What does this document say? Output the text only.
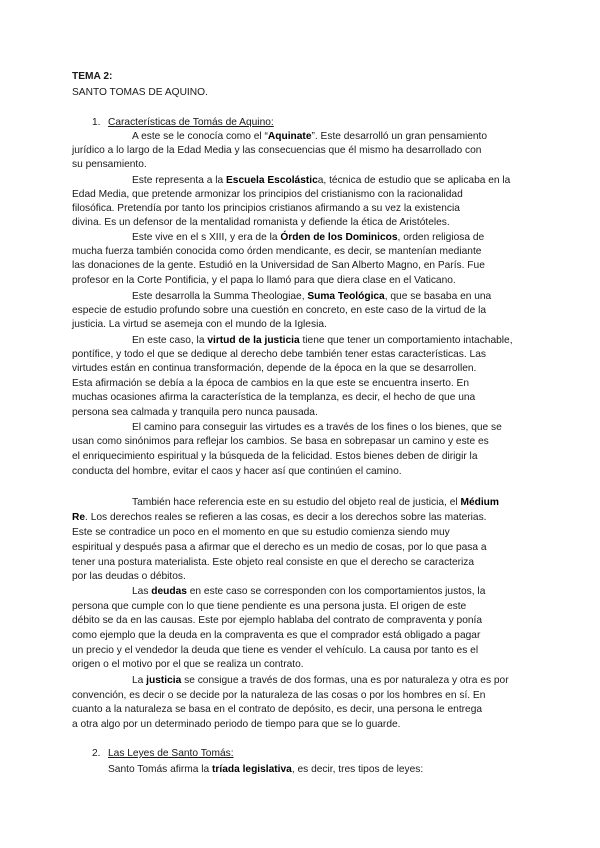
TEMA 2:
SANTO TOMAS DE AQUINO.
1. Características de Tomás de Aquino:
A este se le conocía como el “Aquinate”. Este desarrolló un gran pensamiento
jurídico a lo largo de la Edad Media y las consecuencias que él mismo ha desarrollado con
su pensamiento.
Este representa a la Escuela Escolástica, técnica de estudio que se aplicaba en la
Edad Media, que pretende armonizar los principios del cristianismo con la racionalidad
filosófica. Pretendía por tanto los principios cristianos afirmando a su vez la existencia
divina. Es un defensor de la mentalidad romanista y defiende la ética de Aristóteles.
Este vive en el s XIII, y era de la Órden de los Dominicos, orden religiosa de
mucha fuerza también conocida como órden mendicante, es decir, se mantenían mediante
las donaciones de la gente. Estudió en la Universidad de San Alberto Magno, en París. Fue
profesor en la Corte Pontificia, y el papa lo llamó para que diera clase en el Vaticano.
Este desarrolla la Summa Theologiae, Suma Teológica, que se basaba en una
especie de estudio profundo sobre una cuestión en concreto, en este caso de la virtud de la
justicia. La virtud se asemeja con el mundo de la Iglesia.
En este caso, la virtud de la justicia tiene que tener un comportamiento intachable,
pontífice, y todo el que se dedique al derecho debe también tener estas características. Las
virtudes están en continua transformación, depende de la época en la que se desarrollen.
Esta afirmación se debía a la época de cambios en la que este se encuentra inserto. En
muchas ocasiones afirma la característica de la templanza, es decir, el hecho de que una
persona sea calmada y tranquila pero nunca pausada.
El camino para conseguir las virtudes es a través de los fines o los bienes, que se
usan como sinónimos para reflejar los cambios. Se basa en sobrepasar un camino y este es
el enriquecimiento espiritual y la búsqueda de la felicidad. Estos bienes deben de dirigir la
conducta del hombre, evitar el caos y hacer así que continúen el camino.
También hace referencia este en su estudio del objeto real de justicia, el Médium
Re. Los derechos reales se refieren a las cosas, es decir a los derechos sobre las materias.
Este se contradice un poco en el momento en que su estudio comienza siendo muy
espiritual y después pasa a afirmar que el derecho es un medio de cosas, por lo que pasa a
tener una postura materialista. Este objeto real consiste en que el derecho se caracteriza
por las deudas o débitos.
Las deudas en este caso se corresponden con los comportamientos justos, la
persona que cumple con lo que tiene pendiente es una persona justa. El origen de este
débito se da en las causas. Este por ejemplo hablaba del contrato de compraventa y ponía
como ejemplo que la deuda en la compraventa es que el comprador está obligado a pagar
un precio y el vendedor la deuda que tiene es vender el vehículo. La causa por tanto es el
origen o el motivo por el que se realiza un contrato.
La justicia se consigue a través de dos formas, una es por naturaleza y otra es por
convención, es decir o se decide por la naturaleza de las cosas o por los hombres en sí. En
cuanto a la naturaleza se basa en el contrato de depósito, es decir, una persona le entrega
a otra algo por un determinado periodo de tiempo para que se lo guarde.
2. Las Leyes de Santo Tomás:
Santo Tomás afirma la tríada legislativa, es decir, tres tipos de leyes:
